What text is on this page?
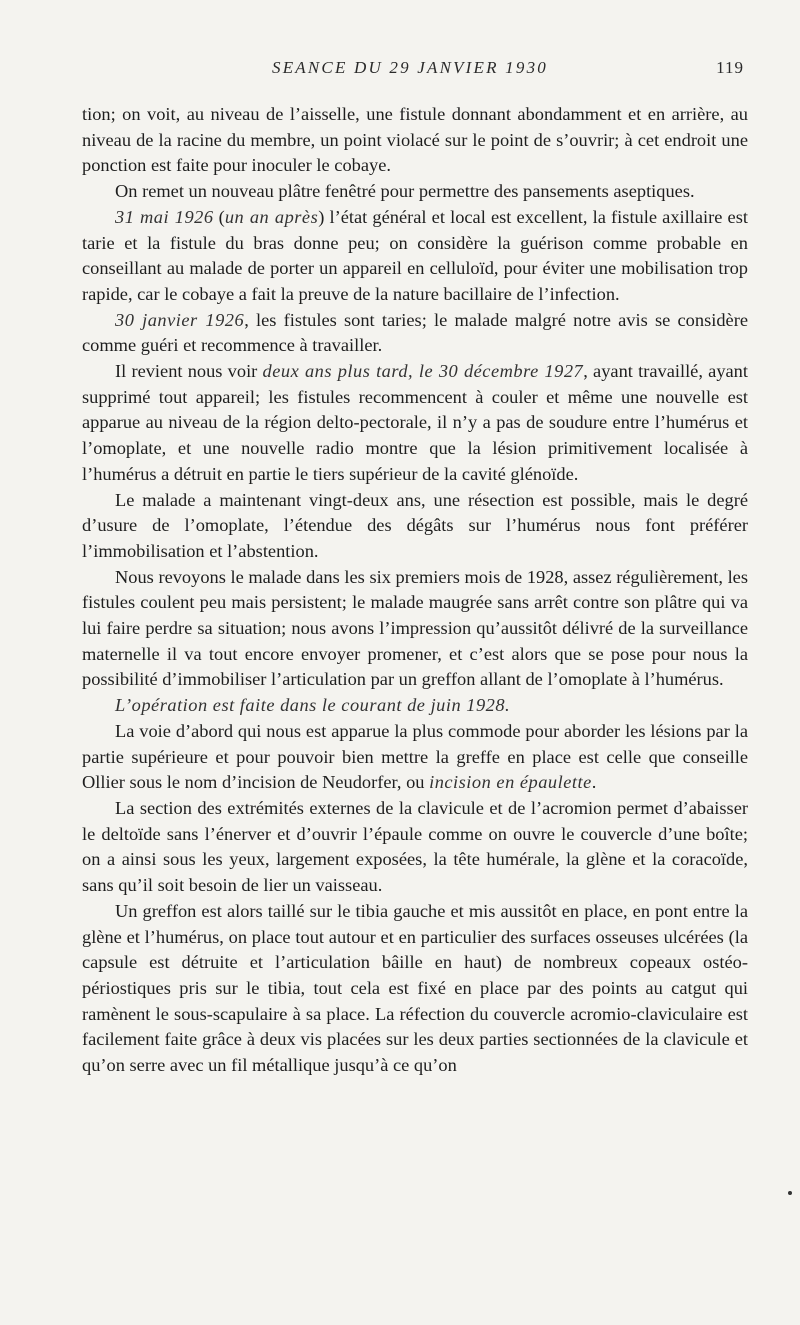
SEANCE DU 29 JANVIER 1930	119

tion; on voit, au niveau de l’aisselle, une fistule donnant abondamment et en arrière, au niveau de la racine du membre, un point violacé sur le point de s’ouvrir; à cet endroit une ponction est faite pour inoculer le cobaye.

On remet un nouveau plâtre fenêtré pour permettre des pansements aseptiques.

31 mai 1926 (un an après) l’état général et local est excellent, la fistule axillaire est tarie et la fistule du bras donne peu; on considère la guérison comme probable en conseillant au malade de porter un appareil en celluloïd, pour éviter une mobilisation trop rapide, car le cobaye a fait la preuve de la nature bacillaire de l’infection.

30 janvier 1926, les fistules sont taries; le malade malgré notre avis se considère comme guéri et recommence à travailler.

Il revient nous voir deux ans plus tard, le 30 décembre 1927, ayant travaillé, ayant supprimé tout appareil; les fistules recommencent à couler et même une nouvelle est apparue au niveau de la région delto-pectorale, il n’y a pas de soudure entre l’humérus et l’omoplate, et une nouvelle radio montre que la lésion primitivement localisée à l’humérus a détruit en partie le tiers supérieur de la cavité glénoïde.

Le malade a maintenant vingt-deux ans, une résection est possible, mais le degré d’usure de l’omoplate, l’étendue des dégâts sur l’humérus nous font préférer l’immobilisation et l’abstention.

Nous revoyons le malade dans les six premiers mois de 1928, assez régulièrement, les fistules coulent peu mais persistent; le malade maugrée sans arrêt contre son plâtre qui va lui faire perdre sa situation; nous avons l’impression qu’aussitôt délivré de la surveillance maternelle il va tout encore envoyer promener, et c’est alors que se pose pour nous la possibilité d’immobiliser l’articulation par un greffon allant de l’omoplate à l’humérus.

L’opération est faite dans le courant de juin 1928.

La voie d’abord qui nous est apparue la plus commode pour aborder les lésions par la partie supérieure et pour pouvoir bien mettre la greffe en place est celle que conseille Ollier sous le nom d’incision de Neudorfer, ou incision en épaulette.

La section des extrémités externes de la clavicule et de l’acromion permet d’abaisser le deltoïde sans l’énerver et d’ouvrir l’épaule comme on ouvre le couvercle d’une boîte; on a ainsi sous les yeux, largement exposées, la tête humérale, la glène et la coracoïde, sans qu’il soit besoin de lier un vaisseau.

Un greffon est alors taillé sur le tibia gauche et mis aussitôt en place, en pont entre la glène et l’humérus, on place tout autour et en particulier des surfaces osseuses ulcérées (la capsule est détruite et l’articulation bâille en haut) de nombreux copeaux ostéo-périostiques pris sur le tibia, tout cela est fixé en place par des points au catgut qui ramènent le sous-scapulaire à sa place. La réfection du couvercle acromio-claviculaire est facilement faite grâce à deux vis placées sur les deux parties sectionnées de la clavicule et qu’on serre avec un fil métallique jusqu’à ce qu’on
